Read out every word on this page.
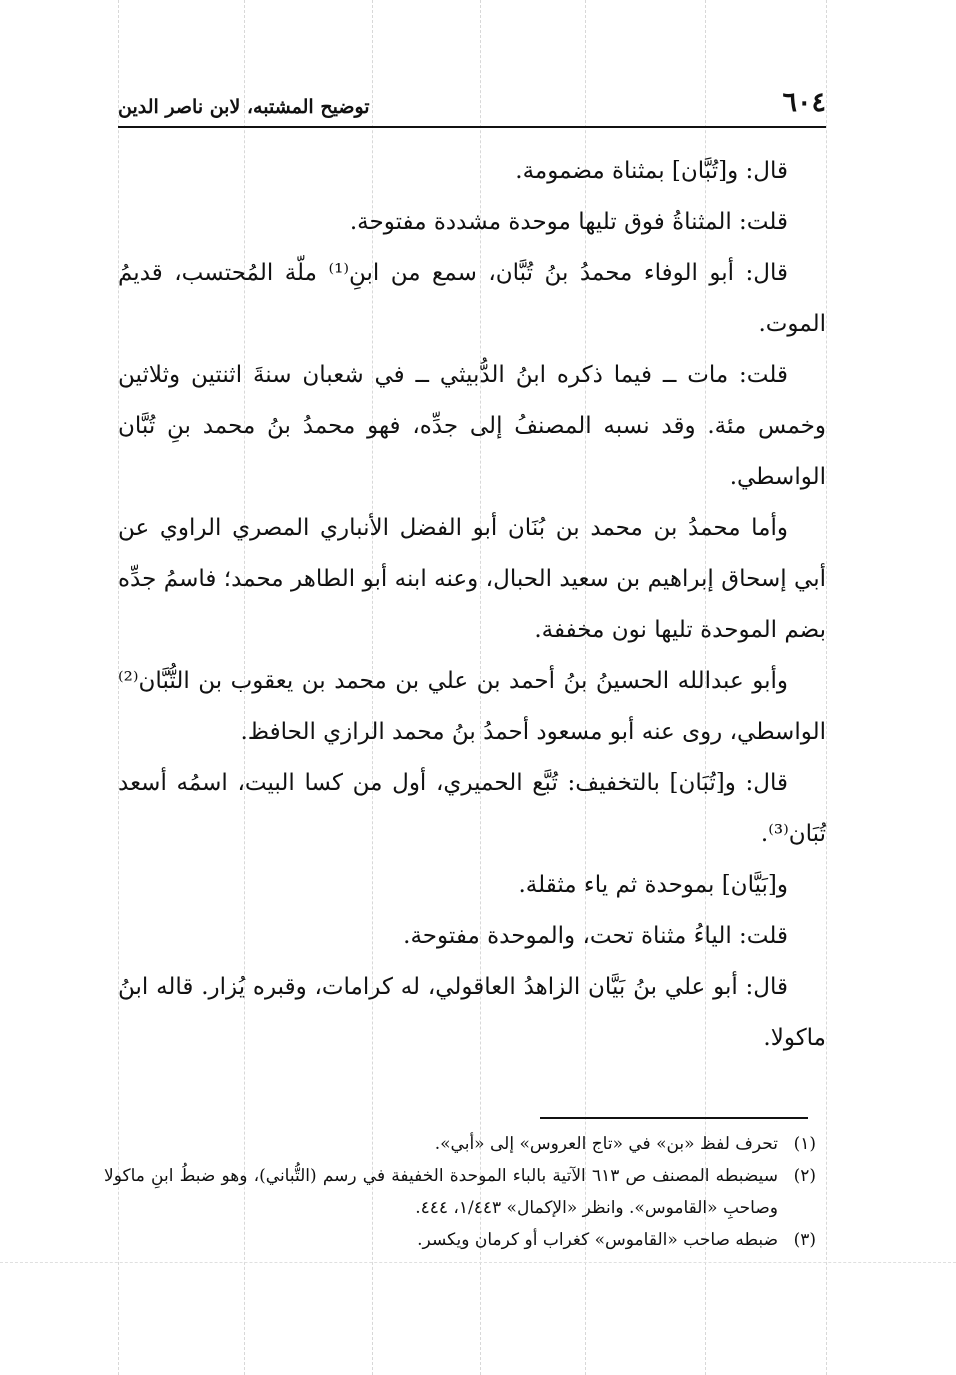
٦٠٤
توضيح المشتبه، لابن ناصر الدين

قال: و[تُبَّان] بمثناة مضمومة.

قلت: المثناةُ فوق تليها موحدة مشددة مفتوحة.

قال: أبو الوفاء محمدُ بنُ تُبَّان، سمع من ابنِ⁽¹⁾ ملّة المُحتسب، قديمُ الموت.

قلت: مات ــ فيما ذكره ابنُ الدُّبيثي ــ في شعبان سنةَ اثنتين وثلاثين وخمس مئة. وقد نسبه المصنفُ إلى جدِّه، فهو محمدُ بنُ محمد بنِ تُبَّان الواسطي.

وأما محمدُ بن محمد بن بُنَان أبو الفضل الأنباري المصري الراوي عن أبي إسحاق إبراهيم بن سعيد الحبال، وعنه ابنه أبو الطاهر محمد؛ فاسمُ جدِّه بضم الموحدة تليها نون مخففة.

وأبو عبدالله الحسينُ بنُ أحمد بن علي بن محمد بن يعقوب بن التُّبَّان⁽²⁾ الواسطي، روى عنه أبو مسعود أحمدُ بنُ محمد الرازي الحافظ.

قال: و[تُبَان] بالتخفيف: تُبَّع الحميري، أول من كسا البيت، اسمُه أسعد تُبَان⁽³⁾.

و[بَيَّان] بموحدة ثم ياء مثقلة.

قلت: الياءُ مثناة تحت، والموحدة مفتوحة.

قال: أبو علي بنُ بَيَّان الزاهدُ العاقولي، له كرامات، وقبره يُزار. قاله ابنُ ماكولا.

(١)
تحرف لفظ «بن» في «تاج العروس» إلى «أبي».

(٢)
سيضبطه المصنف ص ٦١٣ الآتية بالباء الموحدة الخفيفة في رسم (التُّباني)، وهو ضبطُ ابنِ ماكولا وصاحبِ «القاموس». وانظر «الإكمال» ١/٤٤٣، ٤٤٤.

(٣)
ضبطه صاحب «القاموس» كغراب أو كرمان ويكسر.
